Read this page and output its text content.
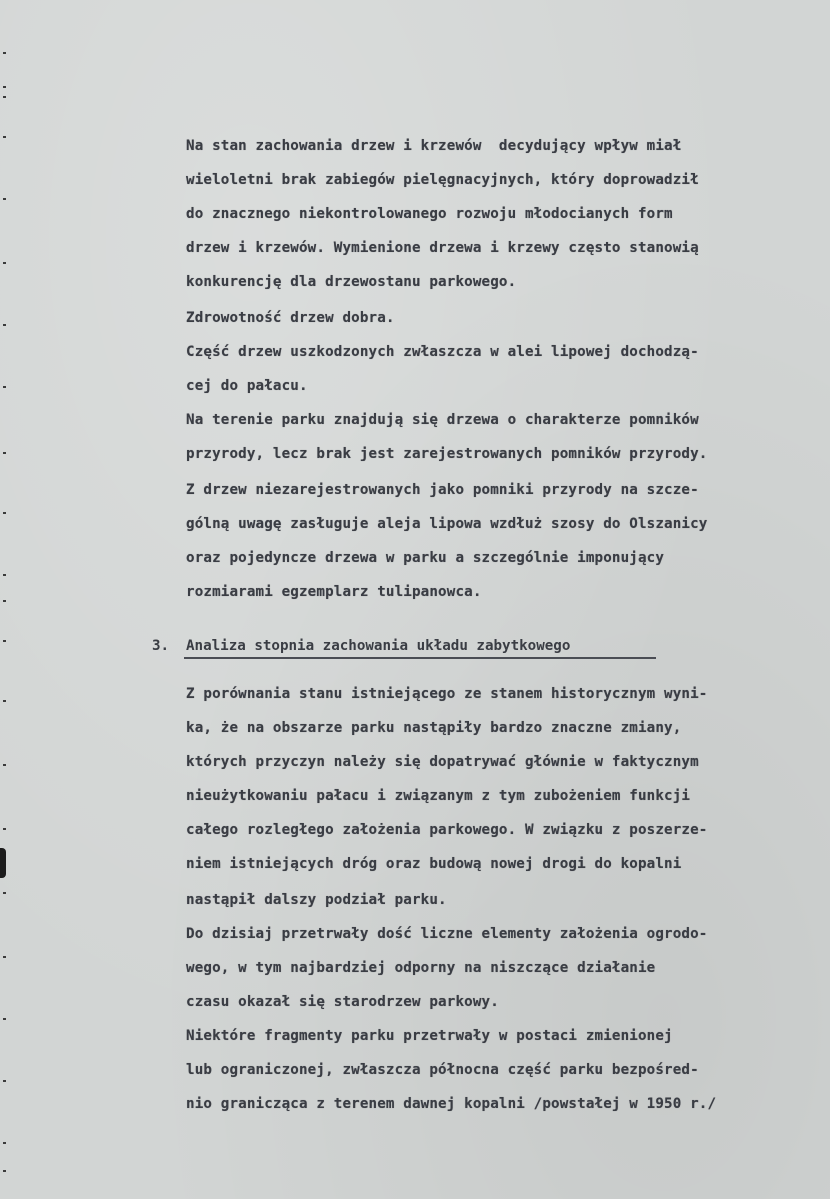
Na stan zachowania drzew i krzewów  decydujący wpływ miał
wieloletni brak zabiegów pielęgnacyjnych, który doprowadził
do znacznego niekontrolowanego rozwoju młodocianych form
drzew i krzewów. Wymienione drzewa i krzewy często stanowią
konkurencję dla drzewostanu parkowego.
Zdrowotność drzew dobra.
Część drzew uszkodzonych zwłaszcza w alei lipowej dochodzą-
cej do pałacu.
Na terenie parku znajdują się drzewa o charakterze pomników
przyrody, lecz brak jest zarejestrowanych pomników przyrody.
Z drzew niezarejestrowanych jako pomniki przyrody na szcze-
gólną uwagę zasługuje aleja lipowa wzdłuż szosy do Olszanicy
oraz pojedyncze drzewa w parku a szczególnie imponujący
rozmiarami egzemplarz tulipanowca.
3. Analiza stopnia zachowania układu zabytkowego
Z porównania stanu istniejącego ze stanem historycznym wyni-
ka, że na obszarze parku nastąpiły bardzo znaczne zmiany,
których przyczyn należy się dopatrywać głównie w faktycznym
nieużytkowaniu pałacu i związanym z tym zubożeniem funkcji
całego rozległego założenia parkowego. W związku z poszerze-
niem istniejących dróg oraz budową nowej drogi do kopalni
nastąpił dalszy podział parku.
Do dzisiaj przetrwały dość liczne elementy założenia ogrodo-
wego, w tym najbardziej odporny na niszczące działanie
czasu okazał się starodrzew parkowy.
Niektóre fragmenty parku przetrwały w postaci zmienionej
lub ograniczonej, zwłaszcza północna część parku bezpośred-
nio granicząca z terenem dawnej kopalni /powstałej w 1950 r./
